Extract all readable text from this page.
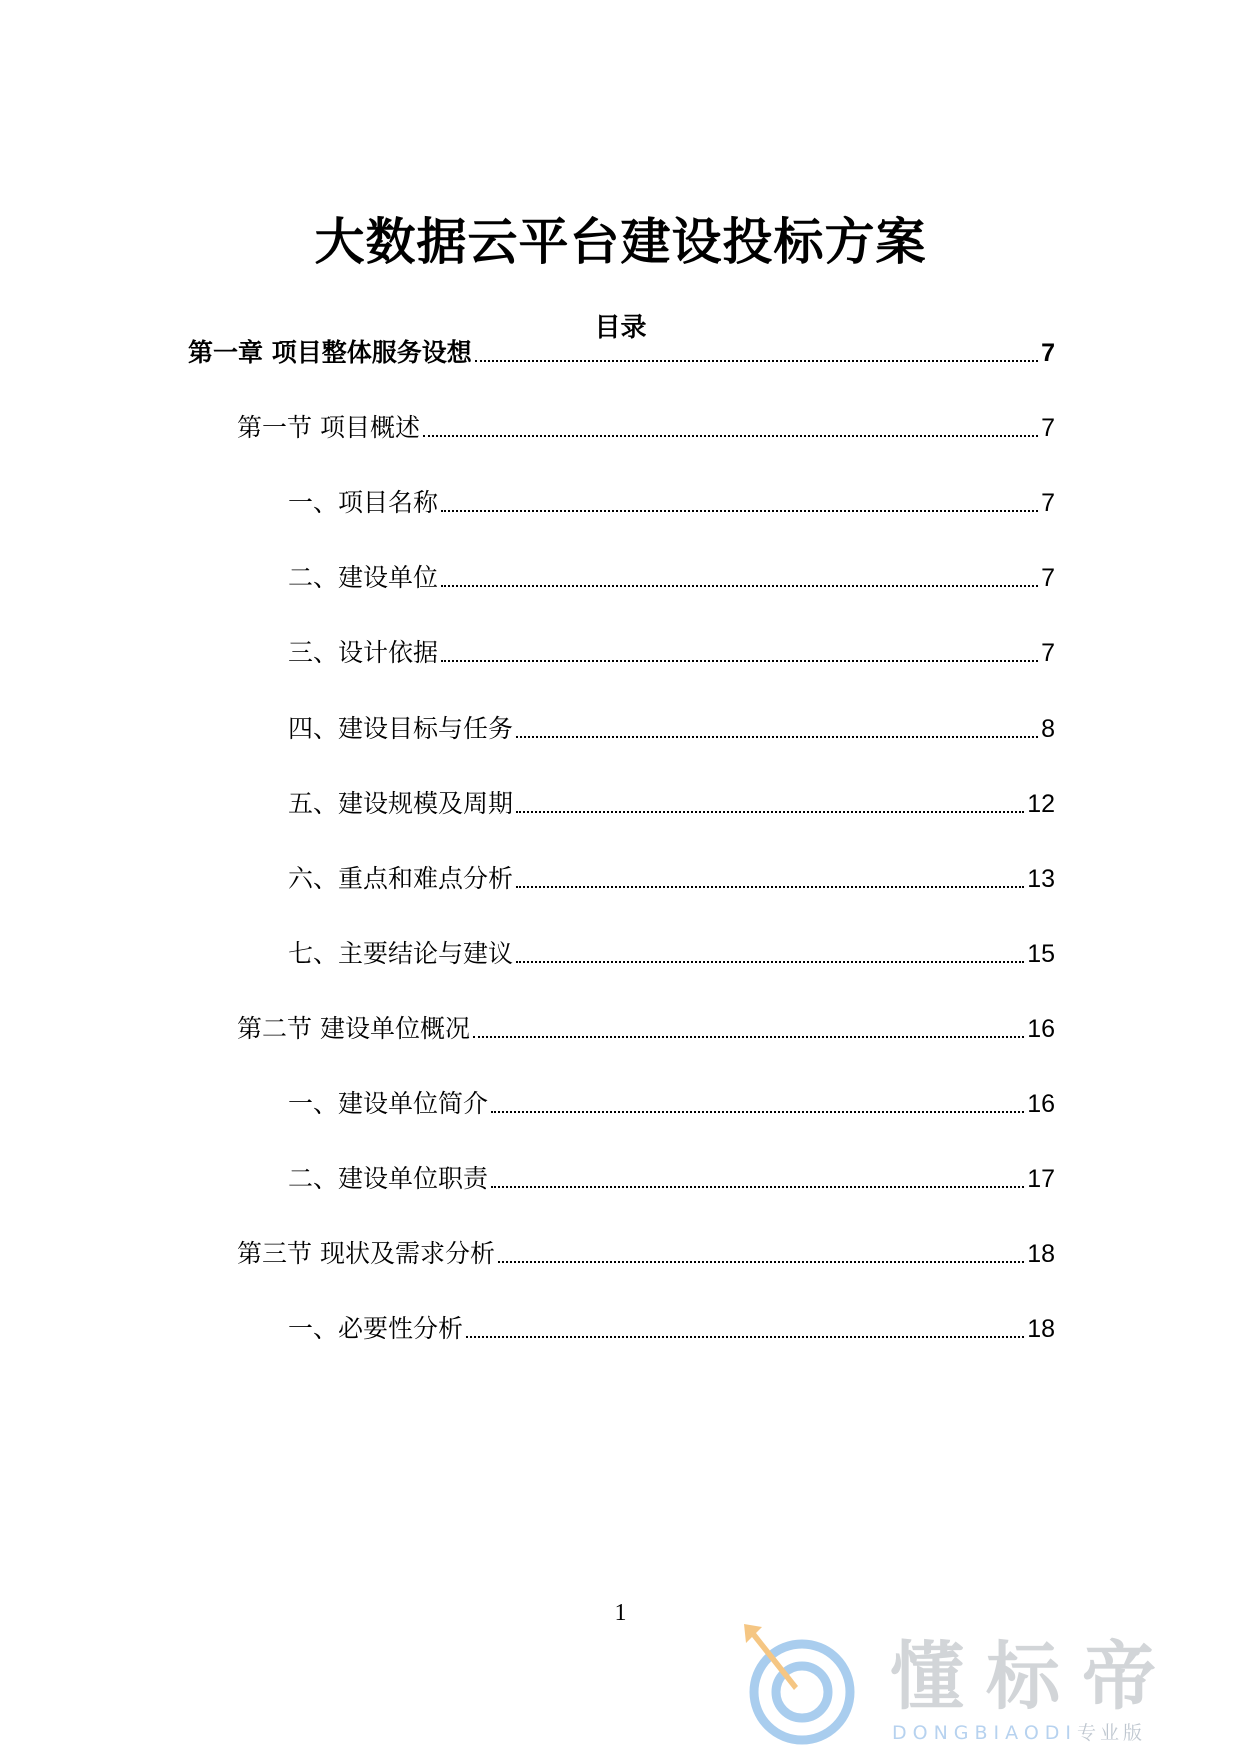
大数据云平台建设投标方案
目录
第一章 项目整体服务设想	7
第一节 项目概述	7
一、项目名称	7
二、建设单位	7
三、设计依据	7
四、建设目标与任务	8
五、建设规模及周期	12
六、重点和难点分析	13
七、主要结论与建议	15
第二节 建设单位概况	16
一、建设单位简介	16
二、建设单位职责	17
第三节 现状及需求分析	18
一、必要性分析	18
1
懂标帝
DONGBIAODI专业版
